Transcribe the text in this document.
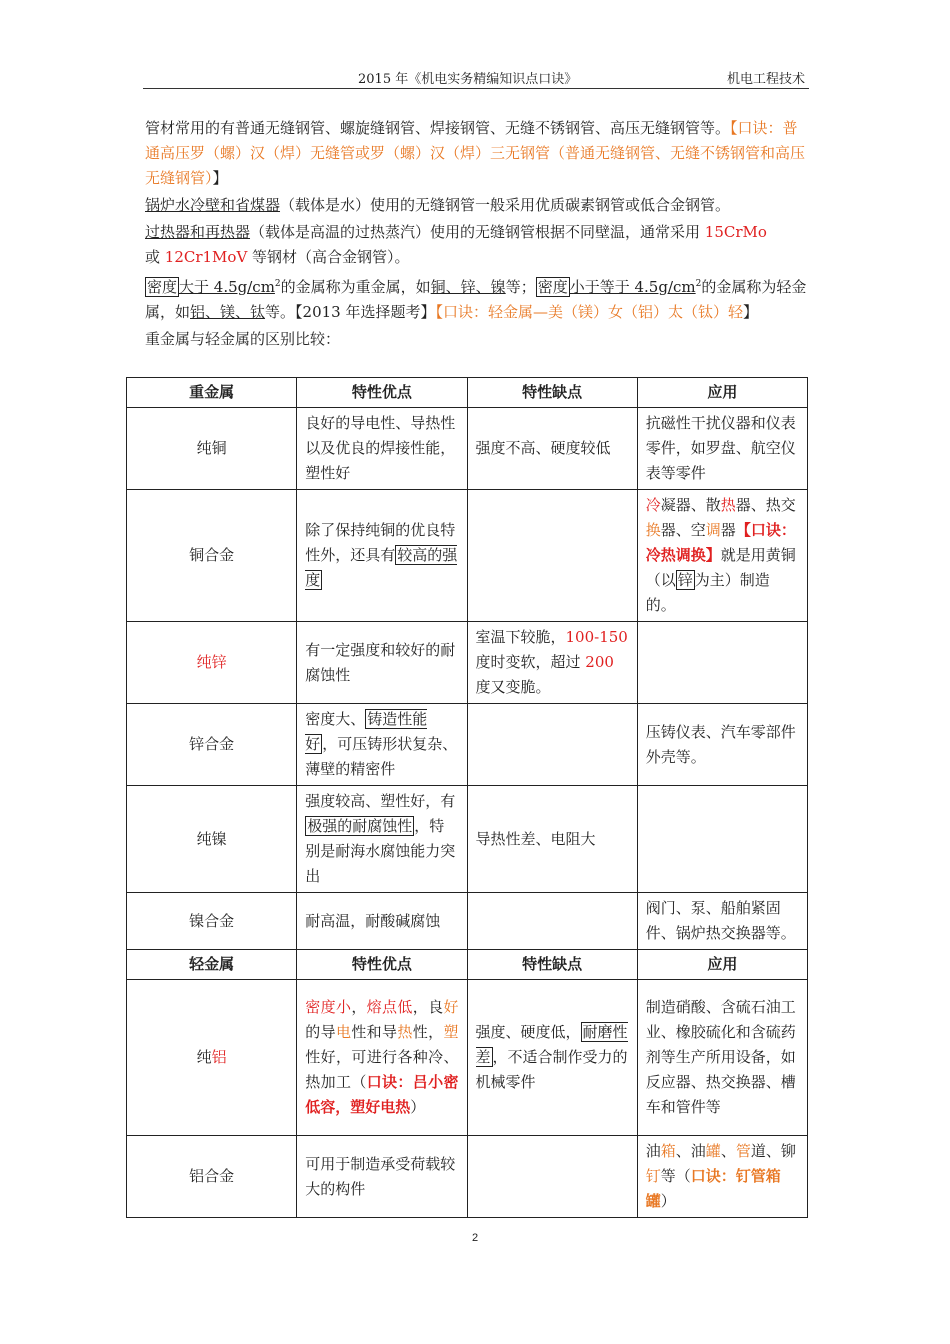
2015 年《机电实务精编知识点口诀》	机电工程技术

管材常用的有普通无缝钢管、螺旋缝钢管、焊接钢管、无缝不锈钢管、高压无缝钢管等。【口诀：普通高压罗（螺）汉（焊）无缝管或罗（螺）汉（焊）三无钢管（普通无缝钢管、无缝不锈钢管和高压无缝钢管）】

锅炉水冷壁和省煤器（载体是水）使用的无缝钢管一般采用优质碳素钢管或低合金钢管。

过热器和再热器（载体是高温的过热蒸汽）使用的无缝钢管根据不同壁温，通常采用 15CrMo
或 12Cr1MoV 等钢材（高合金钢管）。

密度 大于 $4.5g/cm^2$的金属称为重金属，如铜、锌、镍等； 密度 小于等于 $4.5g/cm^2$的金属称为轻金属，如铝、镁、钛等。【2013 年选择题考】【口诀：轻金属—美（镁）女（铝）太（钛）轻】

重金属与轻金属的区别比较：

重金属	特性优点	特性缺点	应用
纯铜	良好的导电性、导热性以及优良的焊接性能，塑性好	强度不高、硬度较低	抗磁性干扰仪器和仪表零件，如罗盘、航空仪表等零件
铜合金	除了保持纯铜的优良特性外，还具有 较高的强度		冷凝器、散热器、热交换器、空调器【口诀：冷热调换】就是用黄铜（以 锌 为主）制造的。
纯锌	有一定强度和较好的耐腐蚀性	室温下较脆，100-150度时变软，超过 200 度又变脆。	
锌合金	密度大、 铸造性能好 ，可压铸形状复杂、薄壁的精密件		压铸仪表、汽车零部件外壳等。
纯镍	强度较高、塑性好，有极强的耐腐蚀性 ，特别是耐海水腐蚀能力突出	导热性差、电阻大	
镍合金	耐高温，耐酸碱腐蚀		阀门、泵、船舶紧固件、锅炉热交换器等。
轻金属	特性优点	特性缺点	应用
纯铝	密度小，熔点低，良好的导电性和导热性，塑性好，可进行各种冷、热加工（口诀：吕小密低容，塑好电热）	强度、硬度低， 耐磨性差 ，不适合制作受力的机械零件	制造硝酸、含硫石油工业、橡胶硫化和含硫药剂等生产所用设备，如反应器、热交换器、槽车和管件等
铝合金	可用于制造承受荷载较大的构件		油箱、油罐、管道、铆钉等（口诀：钉管箱罐）
2
